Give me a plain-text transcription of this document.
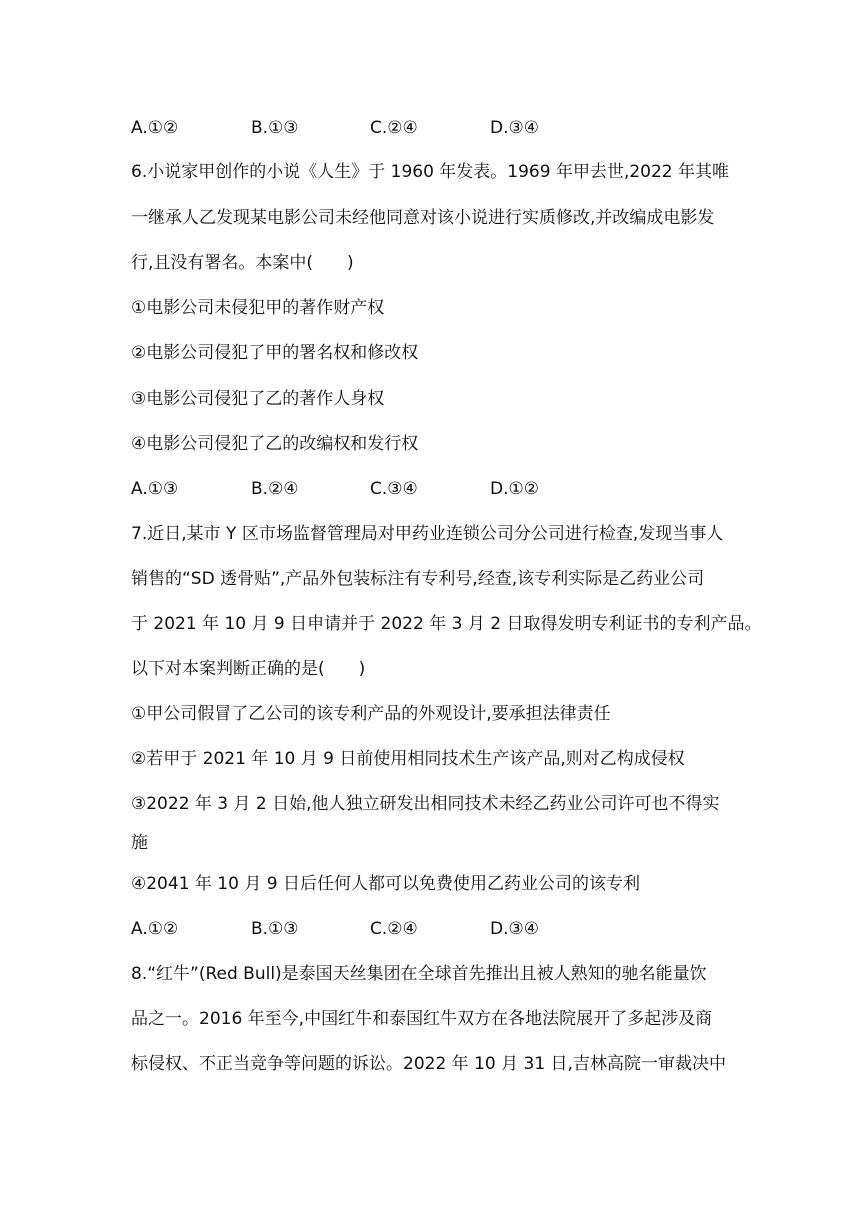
A.①②	B.①③	C.②④	D.③④
6.小说家甲创作的小说《人生》于 1960 年发表。1969 年甲去世,2022 年其唯
一继承人乙发现某电影公司未经他同意对该小说进行实质修改,并改编成电影发
行,且没有署名。本案中(　　)
①电影公司未侵犯甲的著作财产权
②电影公司侵犯了甲的署名权和修改权
③电影公司侵犯了乙的著作人身权
④电影公司侵犯了乙的改编权和发行权
A.①③	B.②④	C.③④	D.①②
7.近日,某市 Y 区市场监督管理局对甲药业连锁公司分公司进行检查,发现当事人
销售的“SD 透骨贴”,产品外包装标注有专利号,经查,该专利实际是乙药业公司
于 2021 年 10 月 9 日申请并于 2022 年 3 月 2 日取得发明专利证书的专利产品。
以下对本案判断正确的是(　　)
①甲公司假冒了乙公司的该专利产品的外观设计,要承担法律责任
②若甲于 2021 年 10 月 9 日前使用相同技术生产该产品,则对乙构成侵权
③2022 年 3 月 2 日始,他人独立研发出相同技术未经乙药业公司许可也不得实
施
④2041 年 10 月 9 日后任何人都可以免费使用乙药业公司的该专利
A.①②	B.①③	C.②④	D.③④
8.“红牛”(Red Bull)是泰国天丝集团在全球首先推出且被人熟知的驰名能量饮
品之一。2016 年至今,中国红牛和泰国红牛双方在各地法院展开了多起涉及商
标侵权、不正当竞争等问题的诉讼。2022 年 10 月 31 日,吉林高院一审裁决中
